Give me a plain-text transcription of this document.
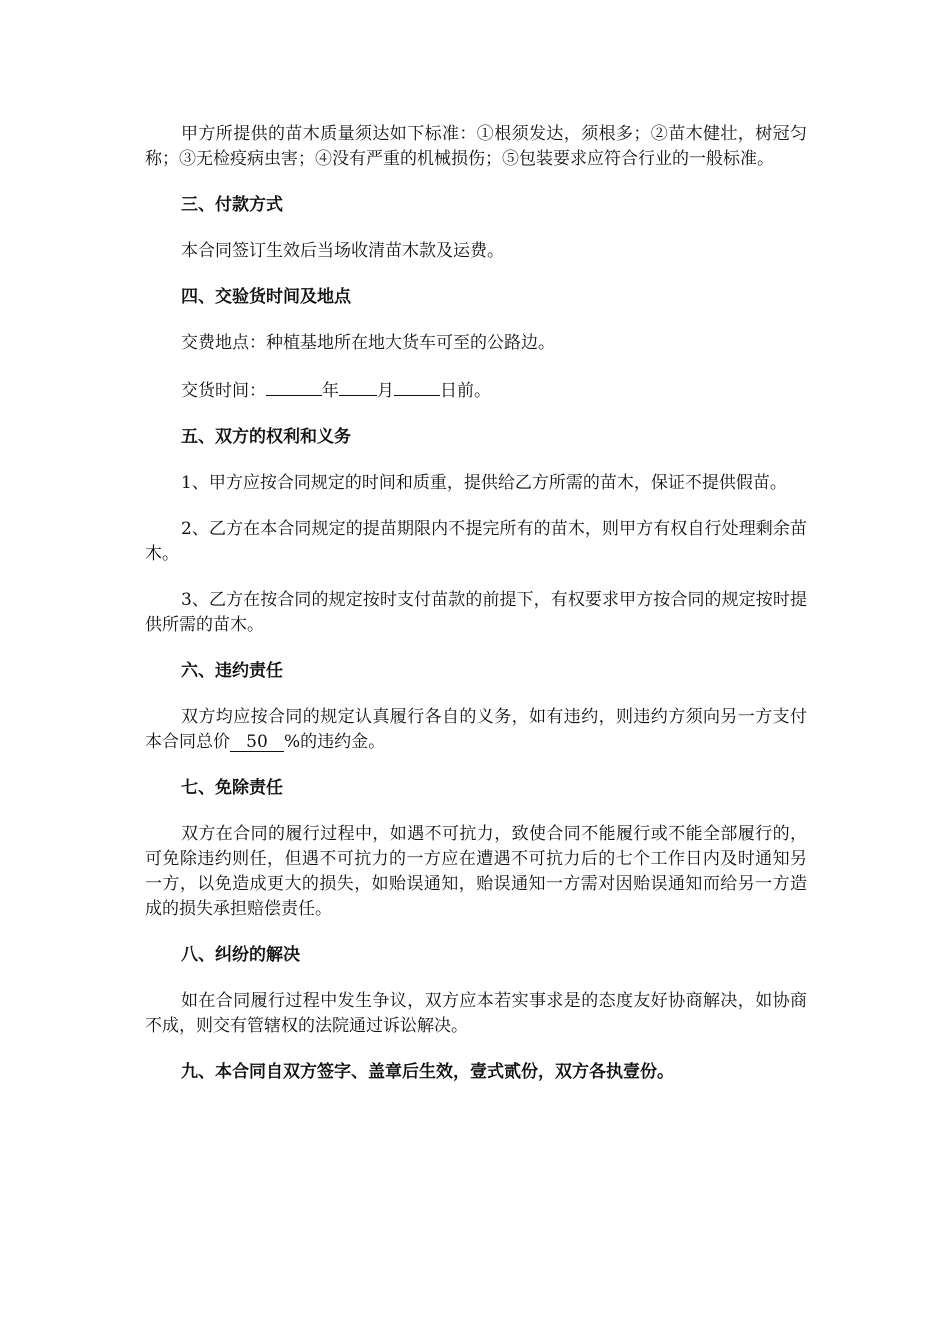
甲方所提供的苗木质量须达如下标准：①根须发达，须根多；②苗木健壮，树冠匀称；③无检疫病虫害；④没有严重的机械损伤；⑤包装要求应符合行业的一般标准。

三、付款方式

本合同签订生效后当场收清苗木款及运费。

四、交验货时间及地点

交费地点：种植基地所在地大货车可至的公路边。

交货时间：	年 月	日前。

五、双方的权利和义务

1、甲方应按合同规定的时间和质重，提供给乙方所需的苗木，保证不提供假苗。

2、乙方在本合同规定的提苗期限内不提完所有的苗木，则甲方有权自行处理剩余苗木。

3、乙方在按合同的规定按时支付苗款的前提下，有权要求甲方按合同的规定按时提供所需的苗木。

六、违约责任

双方均应按合同的规定认真履行各自的义务，如有违约，则违约方须向另一方支付本合同总价 50 %的违约金。

七、免除责任

双方在合同的履行过程中，如遇不可抗力，致使合同不能履行或不能全部履行的，可免除违约则任，但遇不可抗力的一方应在遭遇不可抗力后的七个工作日内及时通知另一方，以免造成更大的损失，如贻误通知，贻误通知一方需对因贻误通知而给另一方造成的损失承担赔偿责任。

八、纠纷的解决

如在合同履行过程中发生争议，双方应本若实事求是的态度友好协商解决，如协商不成，则交有管辖权的法院通过诉讼解决。

九、本合同自双方签字、盖章后生效，壹式贰份，双方各执壹份。
